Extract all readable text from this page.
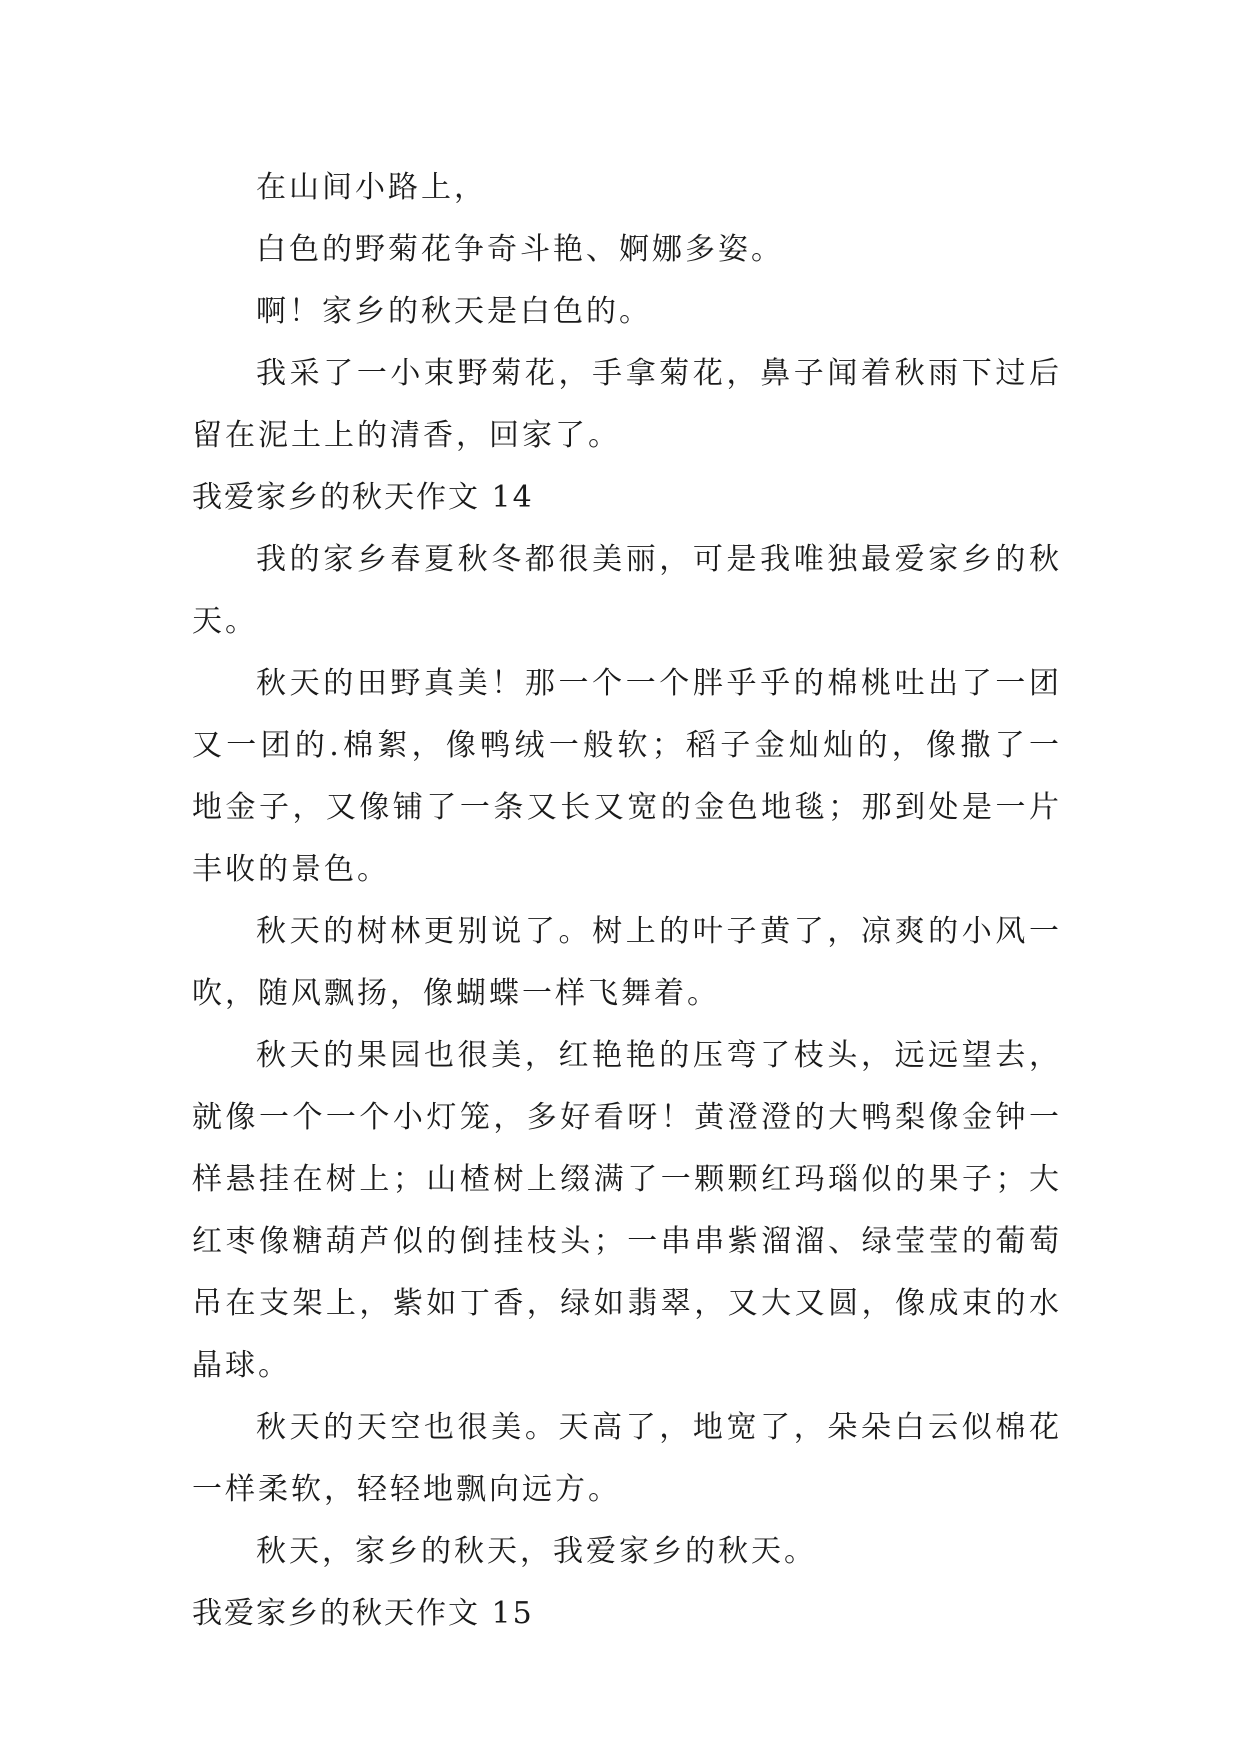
在山间小路上，

白色的野菊花争奇斗艳、婀娜多姿。

啊！家乡的秋天是白色的。

我采了一小束野菊花，手拿菊花，鼻子闻着秋雨下过后留在泥土上的清香，回家了。

我爱家乡的秋天作文 14

我的家乡春夏秋冬都很美丽，可是我唯独最爱家乡的秋天。

秋天的田野真美！那一个一个胖乎乎的棉桃吐出了一团又一团的.棉絮，像鸭绒一般软；稻子金灿灿的，像撒了一地金子，又像铺了一条又长又宽的金色地毯；那到处是一片丰收的景色。

秋天的树林更别说了。树上的叶子黄了，凉爽的小风一吹，随风飘扬，像蝴蝶一样飞舞着。

秋天的果园也很美，红艳艳的压弯了枝头，远远望去，就像一个一个小灯笼，多好看呀！黄澄澄的大鸭梨像金钟一样悬挂在树上；山楂树上缀满了一颗颗红玛瑙似的果子；大红枣像糖葫芦似的倒挂枝头；一串串紫溜溜、绿莹莹的葡萄吊在支架上，紫如丁香，绿如翡翠，又大又圆，像成束的水晶球。

秋天的天空也很美。天高了，地宽了，朵朵白云似棉花一样柔软，轻轻地飘向远方。

秋天，家乡的秋天，我爱家乡的秋天。

我爱家乡的秋天作文 15
